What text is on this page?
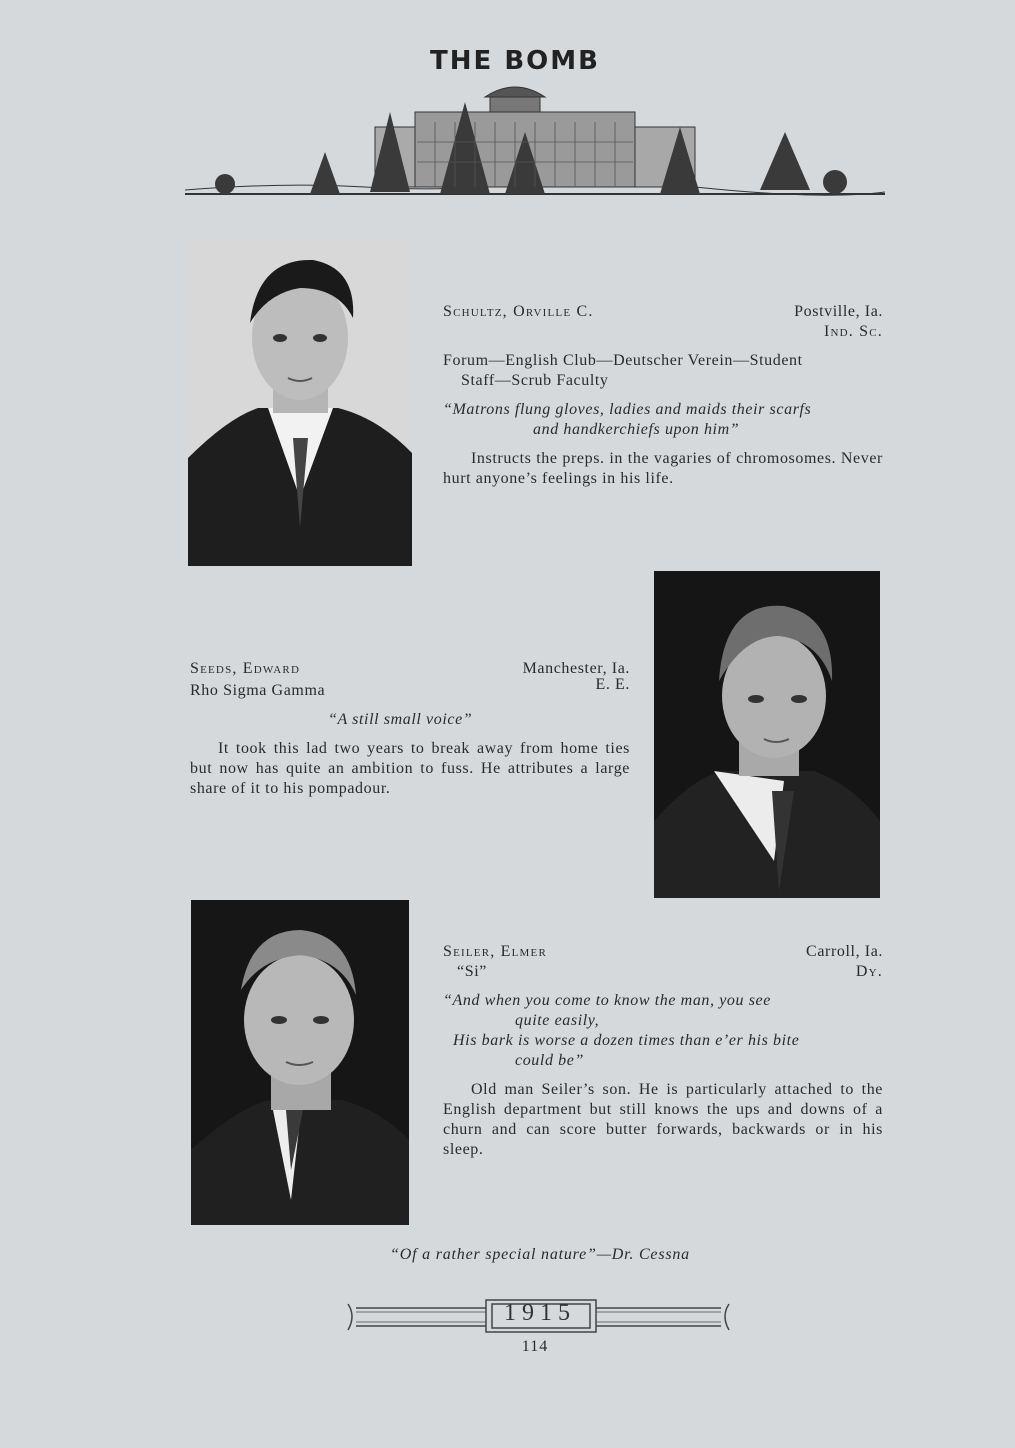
THE BOMB
Schultz, Orville C.	Postville, Ia.
Ind. Sc.
Forum—English Club—Deutscher Verein—Student

Staff—Scrub Faculty
“Matrons flung gloves, ladies and maids their scarfs
and handkerchiefs upon him”
Instructs the preps. in the vagaries of chromosomes. Never hurt anyone’s feelings in his life.
Seeds, Edward	Manchester, Ia.
Rho Sigma Gamma	E. E.
“A still small voice”
It took this lad two years to break away from home ties but now has quite an ambition to fuss. He attributes a large share of it to his pompadour.
Seiler, Elmer	Carroll, Ia.
“Si”	Dy.
“And when you come to know the man, you see
quite easily,
His bark is worse a dozen times than e’er his bite
could be”
Old man Seiler’s son. He is particularly attached to the English department but still knows the ups and downs of a churn and can score butter forwards, backwards or in his sleep.
“Of a rather special nature”—Dr. Cessna
1915
114
